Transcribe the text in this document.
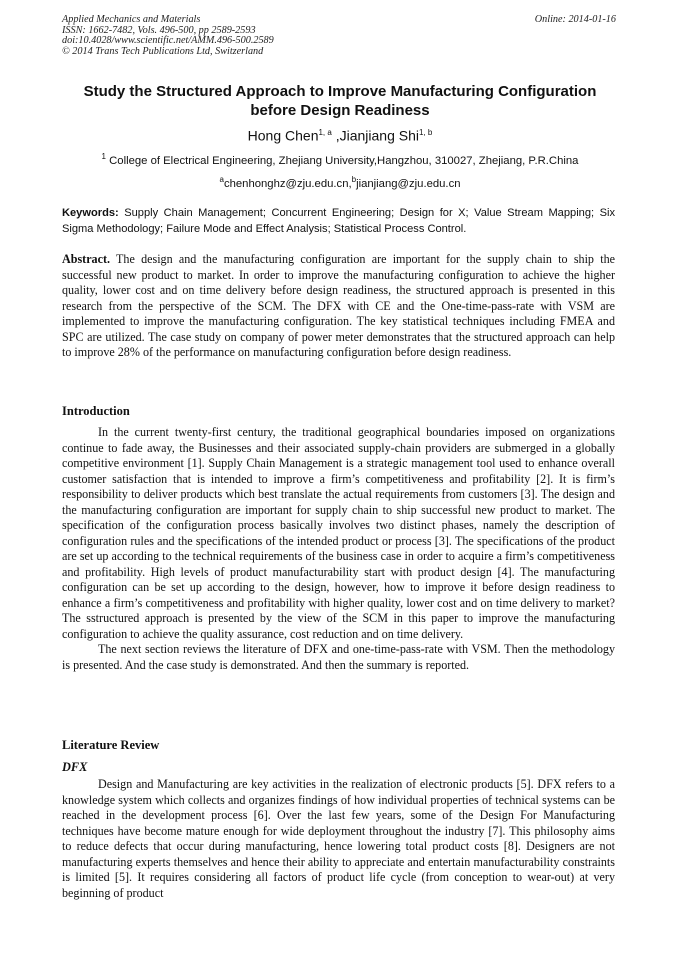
Applied Mechanics and Materials
ISSN: 1662-7482, Vols. 496-500, pp 2589-2593
doi:10.4028/www.scientific.net/AMM.496-500.2589
© 2014 Trans Tech Publications Ltd, Switzerland
Online: 2014-01-16
Study the Structured Approach to Improve Manufacturing Configuration before Design Readiness
Hong Chen$^{1, a}$ ,Jianjiang Shi$^{1, b}$
$^1$ College of Electrical Engineering, Zhejiang University,Hangzhou, 310027, Zhejiang, P.R.China
$^a$chenhonghz@zju.edu.cn,$^b$jianjiang@zju.edu.cn

Keywords: Supply Chain Management; Concurrent Engineering; Design for X; Value Stream Mapping; Six Sigma Methodology; Failure Mode and Effect Analysis; Statistical Process Control.

Abstract. The design and the manufacturing configuration are important for the supply chain to ship the successful new product to market. In order to improve the manufacturing configuration to achieve the higher quality, lower cost and on time delivery before design readiness, the structured approach is presented in this research from the perspective of the SCM. The DFX with CE and the One-time-pass-rate with VSM are implemented to improve the manufacturing configuration. The key statistical techniques including FMEA and SPC are utilized. The case study on company of power meter demonstrates that the structured approach can help to improve 28% of the performance on manufacturing configuration before design readiness.

Introduction

In the current twenty-first century, the traditional geographical boundaries imposed on organizations continue to fade away, the Businesses and their associated supply-chain providers are submerged in a globally competitive environment [1]. Supply Chain Management is a strategic management tool used to enhance overall customer satisfaction that is intended to improve a firm’s competitiveness and profitability [2]. It is firm’s responsibility to deliver products which best translate the actual requirements from customers [3]. The design and the manufacturing configuration are important for supply chain to ship successful new product to market. The specification of the configuration process basically involves two distinct phases, namely the description of configuration rules and the specifications of the intended product or process [3]. The specifications of the product are set up according to the technical requirements of the business case in order to acquire a firm’s competitiveness and profitability. High levels of product manufacturability start with product design [4]. The manufacturing configuration can be set up according to the design, however, how to improve it before design readiness to enhance a firm’s competitiveness and profitability with higher quality, lower cost and on time delivery to market? The sstructured approach is presented by the view of the SCM in this paper to improve the manufacturing configuration to achieve the quality assurance, cost reduction and on time delivery.

The next section reviews the literature of DFX and one-time-pass-rate with VSM. Then the methodology is presented. And the case study is demonstrated. And then the summary is reported.

Literature Review
DFX

Design and Manufacturing are key activities in the realization of electronic products [5]. DFX refers to a knowledge system which collects and organizes findings of how individual properties of technical systems can be reached in the development process [6]. Over the last few years, some of the Design For Manufacturing techniques have become mature enough for wide deployment throughout the industry [7]. This philosophy aims to reduce defects that occur during manufacturing, hence lowering total product costs [8]. Designers are not manufacturing experts themselves and hence their ability to appreciate and entertain manufacturability constraints is limited [5]. It requires considering all factors of product life cycle (from conception to wear-out) at very beginning of product
